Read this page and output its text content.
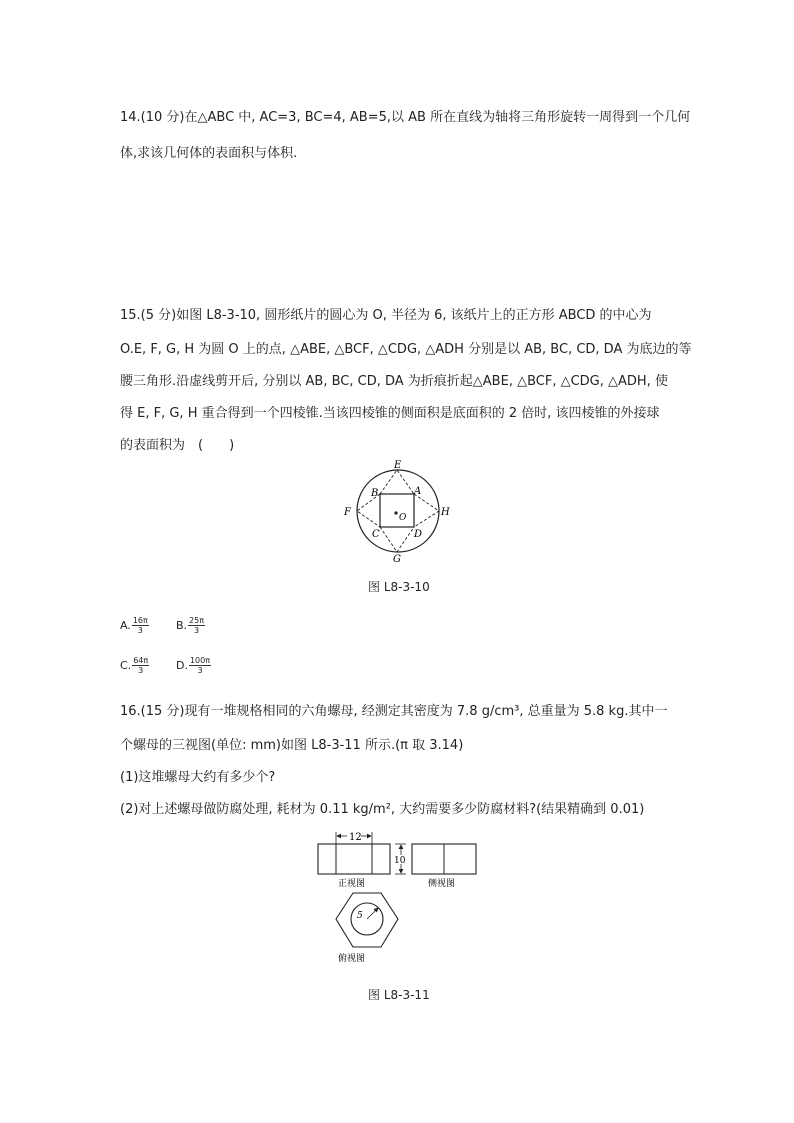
14.(10 分)在△ABC 中, AC=3, BC=4, AB=5,以 AB 所在直线为轴将三角形旋转一周得到一个几何
体,求该几何体的表面积与体积.
15.(5 分)如图 L8-3-10, 圆形纸片的圆心为 O, 半径为 6, 该纸片上的正方形 ABCD 的中心为
O.E, F, G, H 为圆 O 上的点, △ABE, △BCF, △CDG, △ADH 分别是以 AB, BC, CD, DA 为底边的等
腰三角形.沿虚线剪开后, 分别以 AB, BC, CD, DA 为折痕折起△ABE, △BCF, △CDG, △ADH, 使
得 E, F, G, H 重合得到一个四棱锥.当该四棱锥的侧面积是底面积的 2 倍时, 该四棱锥的外接球
的表面积为　(　　)
E
F
G
H
A
B
C	D
O
图 L8-3-10
A. $\frac{16\pi}{3} B$. $\frac{25\pi}{3}$
C. $\frac{64\pi}{3} D$. $\frac{100\pi}{3}$
16.(15 分)现有一堆规格相同的六角螺母, 经测定其密度为 7.8 g/cm³, 总重量为 5.8 kg.其中一
个螺母的三视图(单位: mm)如图 L8-3-11 所示.(π 取 3.14)
(1)这堆螺母大约有多少个?
(2)对上述螺母做防腐处理, 耗材为 0.11 kg/m², 大约需要多少防腐材料?(结果精确到 0.01)
12
正视图
10
侧视图
5
俯视图
图 L8-3-11
